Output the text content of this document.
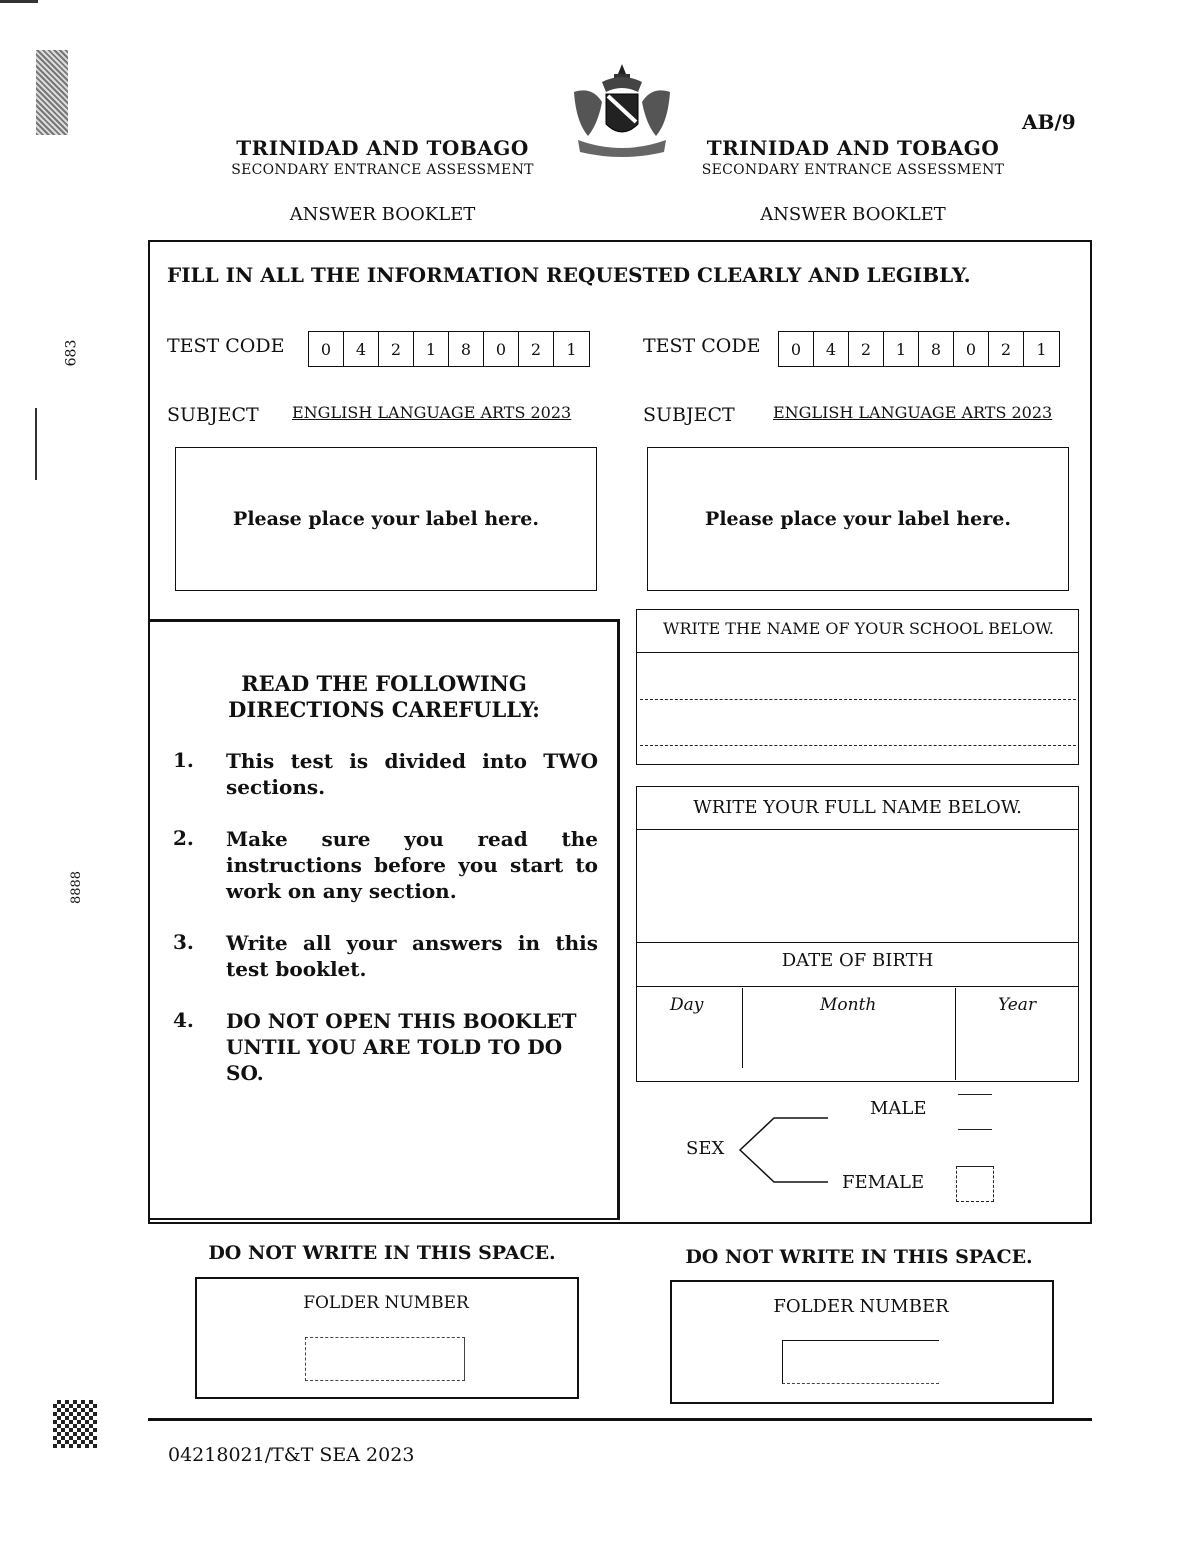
683
8888
TRINIDAD AND TOBAGO
SECONDARY ENTRANCE ASSESSMENT
ANSWER BOOKLET
AB/9
TRINIDAD AND TOBAGO
SECONDARY ENTRANCE ASSESSMENT
ANSWER BOOKLET
FILL IN ALL THE INFORMATION REQUESTED CLEARLY AND LEGIBLY.
TEST CODE	0	4	2	1	8	0	2	1	TEST CODE	0	4	2	1	8	0	2	1
SUBJECT ENGLISH LANGUAGE ARTS 2023	SUBJECT ENGLISH LANGUAGE ARTS 2023
Please place your label here.	Please place your label here.
READ THE FOLLOWING
DIRECTIONS CAREFULLY:
1. This test is divided into TWO sections.
2. Make sure you read the instructions before you start to work on any section.
3. Write all your answers in this test booklet.
4. DO NOT OPEN THIS BOOKLET UNTIL YOU ARE TOLD TO DO SO.
WRITE THE NAME OF YOUR SCHOOL BELOW.
WRITE YOUR FULL NAME BELOW.
DATE OF BIRTH
Day	Month	Year
SEX
MALE
FEMALE
DO NOT WRITE IN THIS SPACE.
FOLDER NUMBER
DO NOT WRITE IN THIS SPACE.
FOLDER NUMBER
04218021/T&T SEA 2023
